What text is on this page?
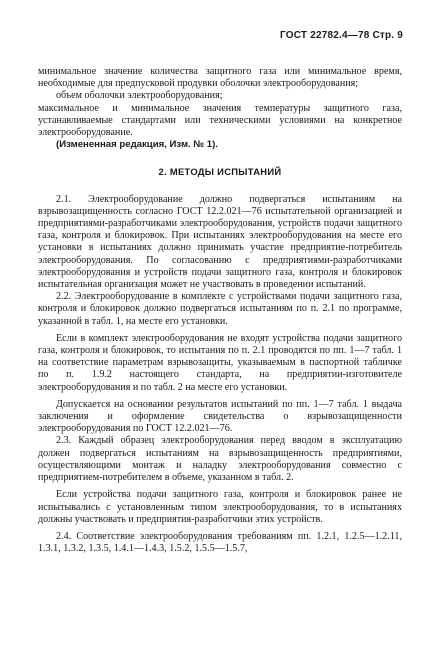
ГОСТ 22782.4—78 Стр. 9

минимальное значение количества защитного газа или минимальное время, необходимые для предпусковой продувки оболочки электрооборудования;

объем оболочки электрооборудования;

максимальное и минимальное значения температуры защитного газа, устанавливаемые стандартами или техническими условиями на конкретное электрооборудование.

(Измененная редакция, Изм. № 1).

2. МЕТОДЫ ИСПЫТАНИЙ

2.1. Электрооборудование должно подвергаться испытаниям на взрывозащищенность согласно ГОСТ 12.2.021—76 испытательной организацией и предприятиями-разработчиками электрооборудования, устройств подачи защитного газа, контроля и блокировок. При испытаниях электрооборудования на месте его установки в испытаниях должно принимать участие предприятие-потребитель электрооборудования. По согласованию с предприятиями-разработчиками электрооборудования и устройств подачи защитного газа, контроля и блокировок испытательная организация может не участвовать в проведении испытаний.

2.2. Электрооборудование в комплекте с устройствами подачи защитного газа, контроля и блокировок должно подвергаться испытаниям по п. 2.1 по программе, указанной в табл. 1, на месте его установки.

Если в комплект электрооборудования не входят устройства подачи защитного газа, контроля и блокировок, то испытания по п. 2.1 проводятся по пп. 1—7 табл. 1 на соответствие параметрам взрывозащиты, указываемым в паспортной табличке по п. 1.9.2 настоящего стандарта, на предприятии-изготовителе электрооборудования и по табл. 2 на месте его установки.

Допускается на основании результатов испытаний по пп. 1—7 табл. 1 выдача заключения и оформление свидетельства о взрывозащищенности электрооборудования по ГОСТ 12.2.021—76.

2.3. Каждый образец электрооборудования перед вводом в эксплуатацию должен подвергаться испытаниям на взрывозащищенность предприятиями, осуществляющими монтаж и наладку электрооборудования совместно с предприятием-потребителем в объеме, указанном в табл. 2.

Если устройства подачи защитного газа, контроля и блокировок ранее не испытывались с установленным типом электрооборудования, то в испытаниях должны участвовать и предприятия-разработчики этих устройств.

2.4. Соответствие электрооборудования требованиям пп. 1.2.1, 1.2.5—1.2.11, 1.3.1, 1.3.2, 1.3.5, 1.4.1—1.4.3, 1.5.2, 1.5.5—1.5.7,
